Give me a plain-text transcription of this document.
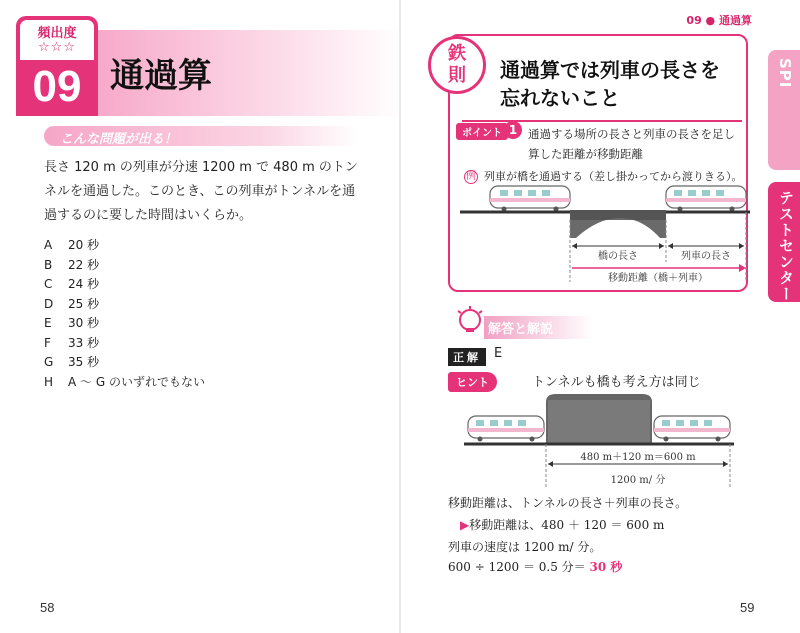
頻出度
☆☆☆
09 通過算
こんな問題が出る！
長さ 120 m の列車が分速 1200 m で 480 m のトンネルを通過した。このとき、この列車がトンネルを通過するのに要した時間はいくらか。
A	20 秒
B	22 秒
C	24 秒
D	25 秒
E	30 秒
F	33 秒
G	35 秒
H	A ～ G のいずれでもない
58
09 ● 通過算
SPI
テストセンター
鉄
則	通過算では列車の長さを
忘れないこと
ポイント 1 通過する場所の長さと列車の長さを足し算した距離が移動距離
例 列車が橋を通過する（差し掛かってから渡りきる）。
橋の長さ	列車の長さ
移動距離（橋＋列車）
解答と解説
正解	E
ヒント	トンネルも橋も考え方は同じ
480 m＋120 m＝600 m
1200 m/ 分
移動距離は、トンネルの長さ＋列車の長さ。
▶移動距離は、480 ＋ 120 ＝ 600 m
列車の速度は 1200 m/ 分。
600 ÷ 1200 ＝ 0.5 分＝ 30 秒
59
